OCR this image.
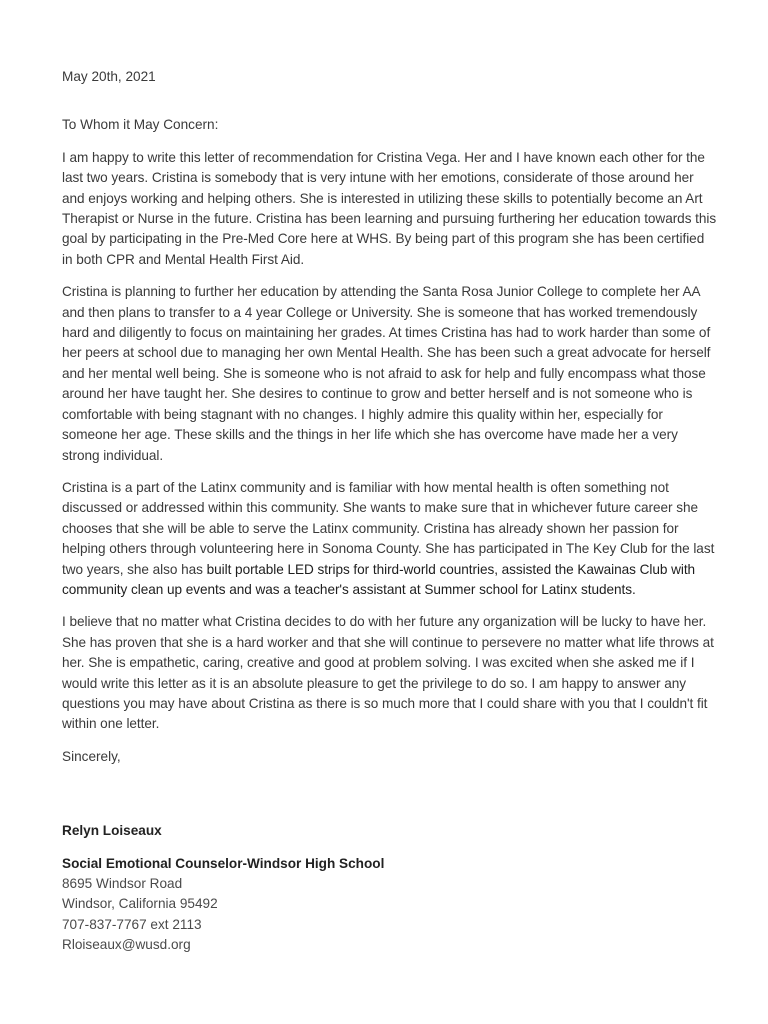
May 20th, 2021

To Whom it May Concern:

I am happy to write this letter of recommendation for Cristina Vega. Her and I have known each other for the last two years. Cristina is somebody that is very intune with her emotions, considerate of those around her and enjoys working and helping others. She is interested in utilizing these skills to potentially become an Art Therapist or Nurse in the future. Cristina has been learning and pursuing furthering her education towards this goal by participating in the Pre-Med Core here at WHS. By being part of this program she has been certified in both CPR and Mental Health First Aid.

Cristina is planning to further her education by attending the Santa Rosa Junior College to complete her AA and then plans to transfer to a 4 year College or University. She is someone that has worked tremendously hard and diligently to focus on maintaining her grades. At times Cristina has had to work harder than some of her peers at school due to managing her own Mental Health. She has been such a great advocate for herself and her mental well being. She is someone who is not afraid to ask for help and fully encompass what those around her have taught her. She desires to continue to grow and better herself and is not someone who is comfortable with being stagnant with no changes. I highly admire this quality within her, especially for someone her age. These skills and the things in her life which she has overcome have made her a very strong individual.

Cristina is a part of the Latinx community and is familiar with how mental health is often something not discussed or addressed within this community. She wants to make sure that in whichever future career she chooses that she will be able to serve the Latinx community. Cristina has already shown her passion for helping others through volunteering here in Sonoma County. She has participated in The Key Club for the last two years, she also has built portable LED strips for third-world countries, assisted the Kawainas Club with community clean up events and was a teacher's assistant at Summer school for Latinx students.

I believe that no matter what Cristina decides to do with her future any organization will be lucky to have her. She has proven that she is a hard worker and that she will continue to persevere no matter what life throws at her. She is empathetic, caring, creative and good at problem solving. I was excited when she asked me if I would write this letter as it is an absolute pleasure to get the privilege to do so. I am happy to answer any questions you may have about Cristina as there is so much more that I could share with you that I couldn't fit within one letter.

Sincerely,

Relyn Loiseaux

Social Emotional Counselor-Windsor High School

8695 Windsor Road

Windsor, California 95492

707-837-7767 ext 2113

Rloiseaux@wusd.org
